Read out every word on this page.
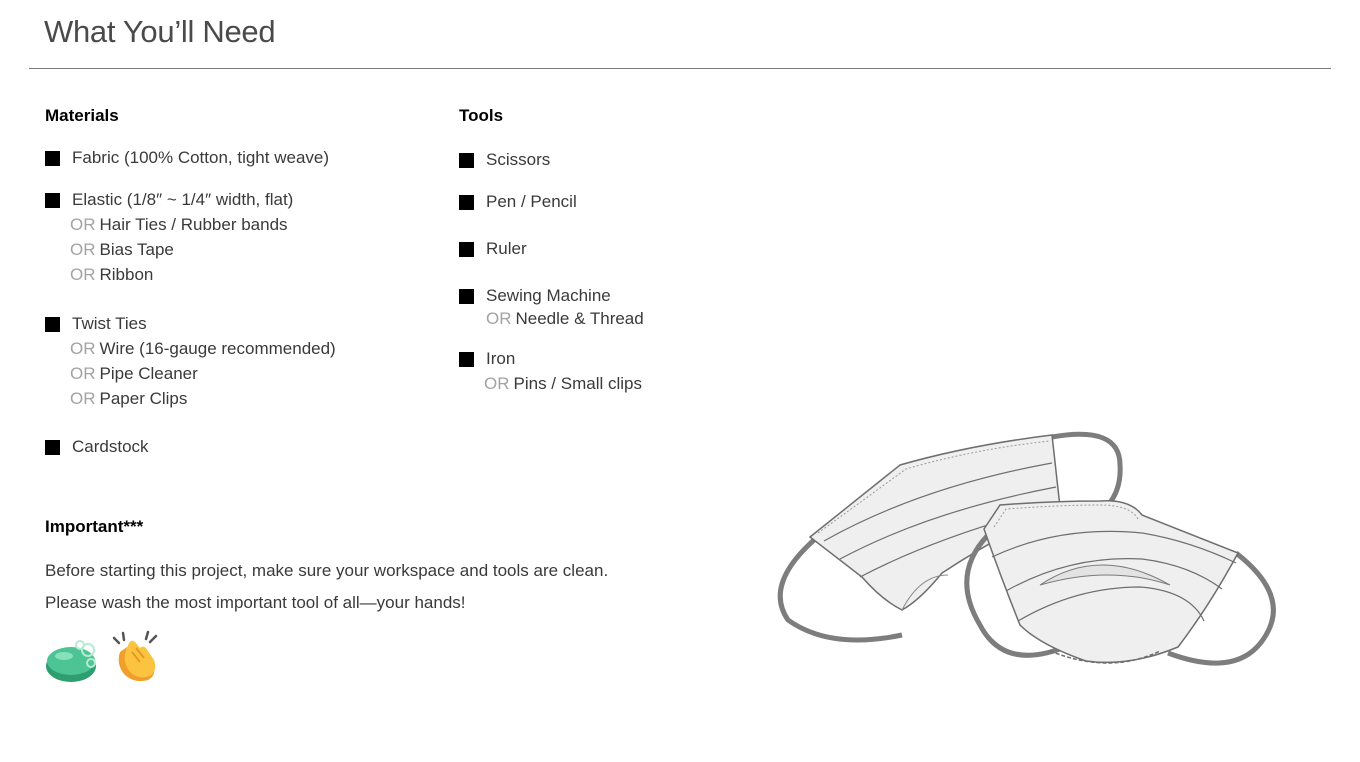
What You’ll Need
Materials
Fabric (100% Cotton, tight weave)
Elastic (1/8″ ~ 1/4″ width, flat)
OR Hair Ties / Rubber bands
OR Bias Tape
OR Ribbon
Twist Ties
OR Wire (16-gauge recommended)
OR Pipe Cleaner
OR Paper Clips
Cardstock
Tools
Scissors
Pen / Pencil
Ruler
Sewing Machine
OR Needle & Thread
Iron
OR Pins / Small clips
Important***
Before starting this project, make sure your workspace and tools are clean.
Please wash the most important tool of all—your hands!
